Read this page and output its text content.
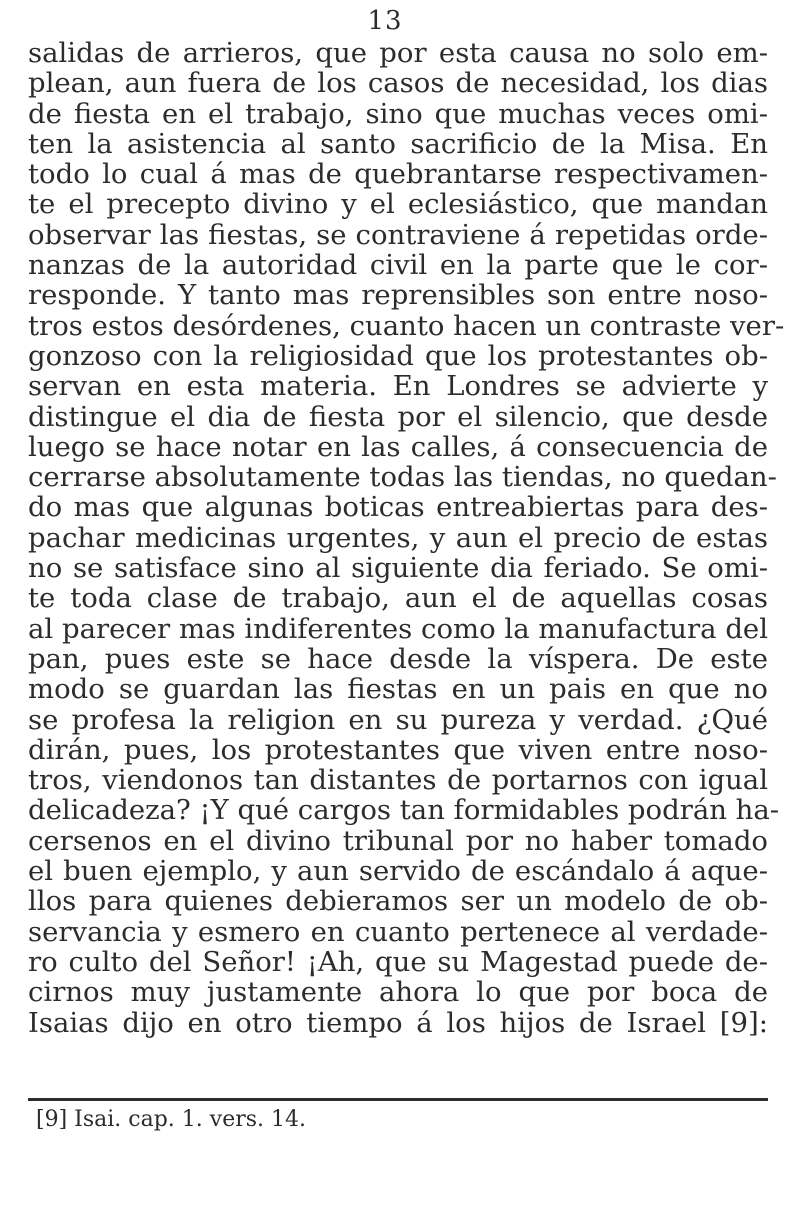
13
salidas de arrieros, que por esta causa no solo em-
plean, aun fuera de los casos de necesidad, los dias
de fiesta en el trabajo, sino que muchas veces omi-
ten la asistencia al santo sacrificio de la Misa. En
todo lo cual á mas de quebrantarse respectivamen-
te el precepto divino y el eclesiástico, que mandan
observar las fiestas, se contraviene á repetidas orde-
nanzas de la autoridad civil en la parte que le cor-
responde. Y tanto mas reprensibles son entre noso-
tros estos desórdenes, cuanto hacen un contraste ver-
gonzoso con la religiosidad que los protestantes ob-
servan en esta materia. En Londres se advierte y
distingue el dia de fiesta por el silencio, que desde
luego se hace notar en las calles, á consecuencia de
cerrarse absolutamente todas las tiendas, no quedan-
do mas que algunas boticas entreabiertas para des-
pachar medicinas urgentes, y aun el precio de estas
no se satisface sino al siguiente dia feriado. Se omi-
te toda clase de trabajo, aun el de aquellas cosas
al parecer mas indiferentes como la manufactura del
pan, pues este se hace desde la víspera. De este
modo se guardan las fiestas en un pais en que no
se profesa la religion en su pureza y verdad. ¿Qué
dirán, pues, los protestantes que viven entre noso-
tros, viendonos tan distantes de portarnos con igual
delicadeza? ¡Y qué cargos tan formidables podrán ha-
cersenos en el divino tribunal por no haber tomado
el buen ejemplo, y aun servido de escándalo á aque-
llos para quienes debieramos ser un modelo de ob-
servancia y esmero en cuanto pertenece al verdade-
ro culto del Señor! ¡Ah, que su Magestad puede de-
cirnos muy justamente ahora lo que por boca de
Isaias dijo en otro tiempo á los hijos de Israel [9]:
[9] Isai. cap. 1. vers. 14.
